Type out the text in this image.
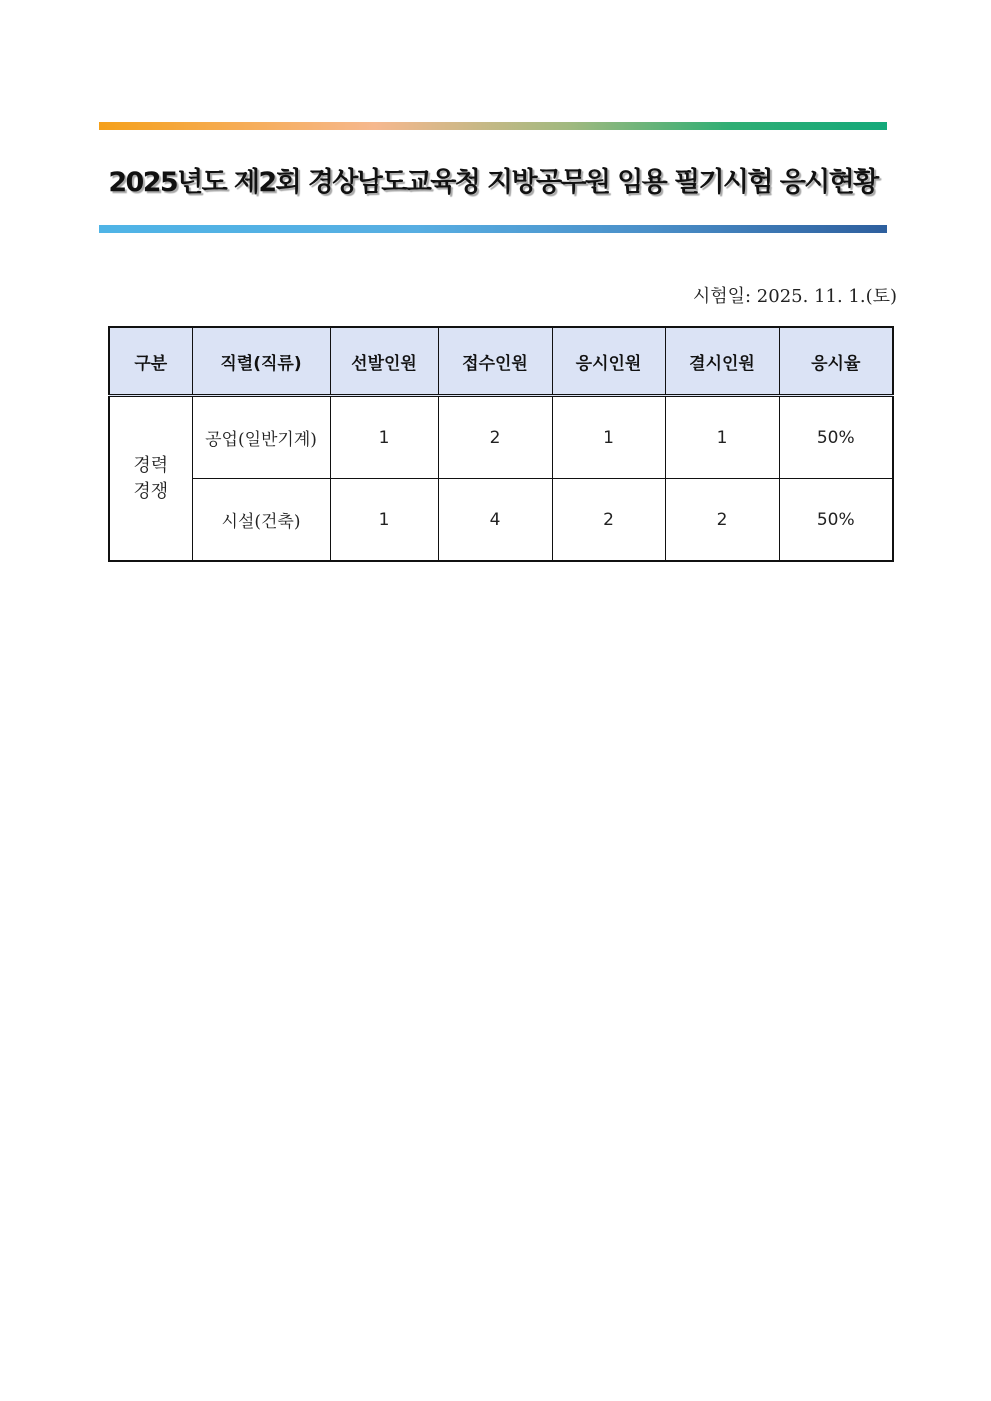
2025년도 제2회 경상남도교육청 지방공무원 임용 필기시험 응시현황
시험일: 2025. 11. 1.(토)
구분	직렬(직류)	선발인원	접수인원	응시인원	결시인원	응시율

경력
경쟁	공업(일반기계)	1	2	1	1	50%
	시설(건축)	1	4	2	2	50%
